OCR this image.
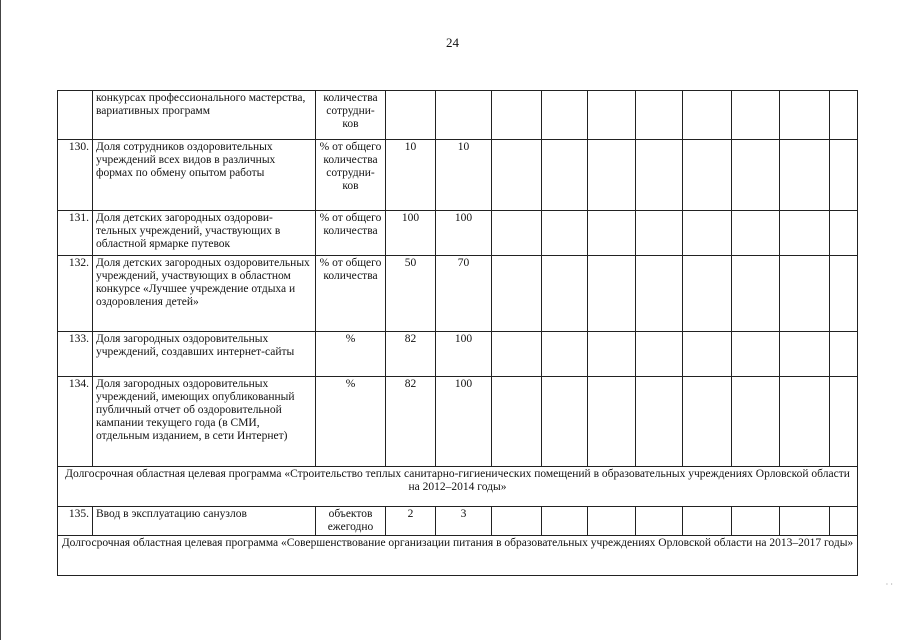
24
	конкурсах профессионального мастерства, вариативных программ	количества сотрудни-ков										
130.	Доля сотрудников оздоровительных учреждений всех видов в различных формах по обмену опытом работы	% от общего количества сотрудни-ков	10	10								
131.	Доля детских загородных оздорови-тельных учреждений, участвующих в областной ярмарке путевок	% от общего количества	100	100								
132.	Доля детских загородных оздоровительных учреждений, участвующих в областном конкурсе «Лучшее учреждение отдыха и оздоровления детей»	% от общего количества	50	70								
133.	Доля загородных оздоровительных учреждений, создавших интернет-сайты	%	82	100								
134.	Доля загородных оздоровительных учреждений, имеющих опубликованный публичный отчет об оздоровительной кампании текущего года (в СМИ, отдельным изданием, в сети Интернет)	%	82	100								
Долгосрочная областная целевая программа «Строительство теплых санитарно-гигиенических помещений в образовательных учреждениях Орловской области на 2012–2014 годы»												
135.	Ввод в эксплуатацию санузлов	объектов ежегодно	2	3								
Долгосрочная областная целевая программа «Совершенствование организации питания в образовательных учреждениях Орловской области на 2013–2017 годы»												
· ·
